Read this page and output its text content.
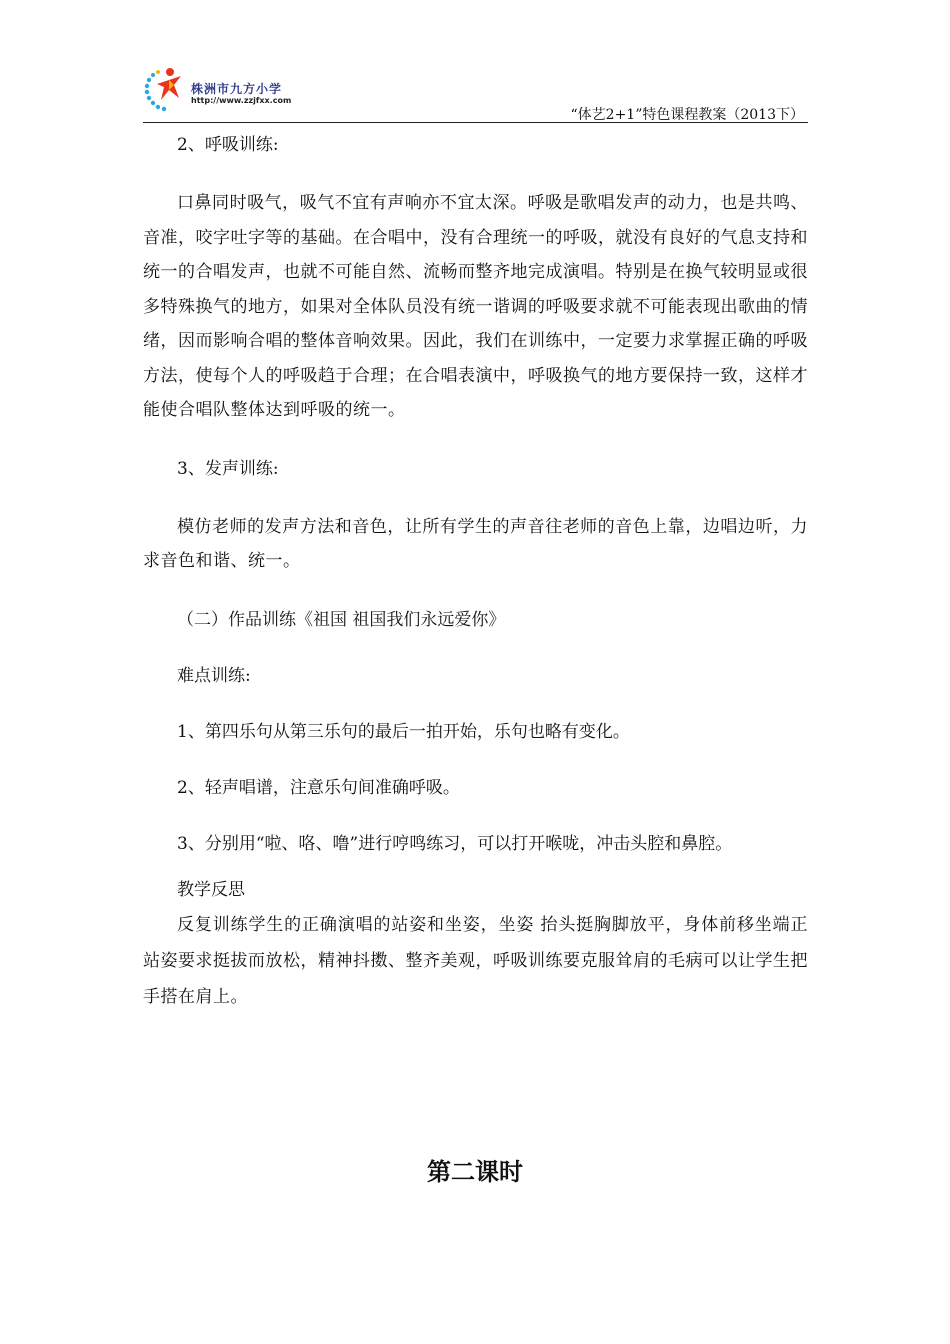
株洲市九方小学
http://www.zzjfxx.com
“体艺2+1”特色课程教案（2013下）

2、呼吸训练:

口鼻同时吸气，吸气不宜有声响亦不宜太深。呼吸是歌唱发声的动力，也是共鸣、音准，咬字吐字等的基础。在合唱中，没有合理统一的呼吸，就没有良好的气息支持和统一的合唱发声，也就不可能自然、流畅而整齐地完成演唱。特别是在换气较明显或很多特殊换气的地方，如果对全体队员没有统一谐调的呼吸要求就不可能表现出歌曲的情绪，因而影响合唱的整体音响效果。因此，我们在训练中，一定要力求掌握正确的呼吸方法，使每个人的呼吸趋于合理；在合唱表演中，呼吸换气的地方要保持一致，这样才能使合唱队整体达到呼吸的统一。

3、发声训练:

模仿老师的发声方法和音色，让所有学生的声音往老师的音色上靠，边唱边听，力求音色和谐、统一。

（二）作品训练《祖国 祖国我们永远爱你》

难点训练:

1、第四乐句从第三乐句的最后一拍开始，乐句也略有变化。

2、轻声唱谱，注意乐句间准确呼吸。

3、分别用“啦、咯、噜”进行哼鸣练习，可以打开喉咙，冲击头腔和鼻腔。

教学反思

反复训练学生的正确演唱的站姿和坐姿，坐姿 抬头挺胸脚放平，身体前移坐端正 站姿要求挺拔而放松，精神抖擞、整齐美观，呼吸训练要克服耸肩的毛病可以让学生把手搭在肩上。

第二课时
